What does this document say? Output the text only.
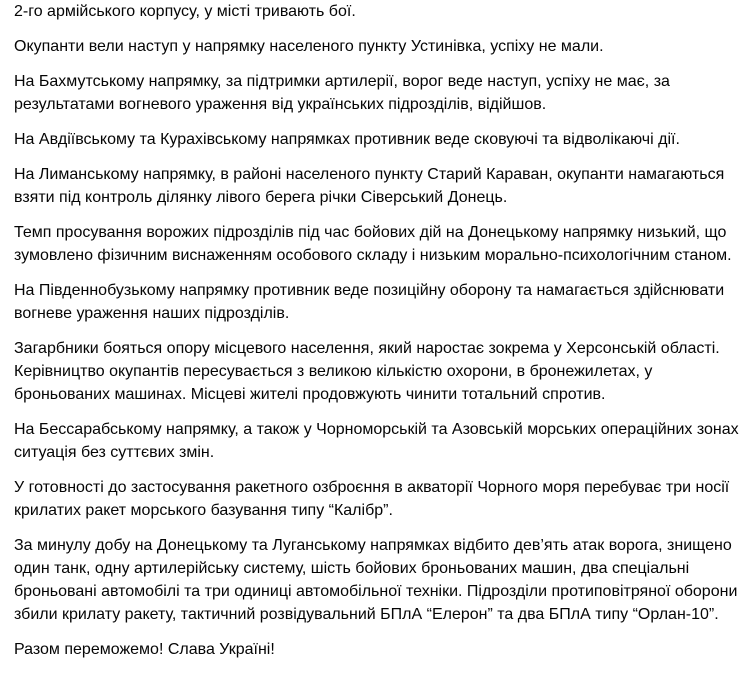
2-го армійського корпусу, у місті тривають бої.

Окупанти вели наступ у напрямку населеного пункту Устинівка, успіху не мали.

На Бахмутському напрямку, за підтримки артилерії, ворог веде наступ, успіху не має, за результатами вогневого ураження від українських підрозділів, відійшов.

На Авдіївському та Курахівському напрямках противник веде сковуючі та відволікаючі дії.

На Лиманському напрямку, в районі населеного пункту Старий Караван, окупанти намагаються взяти під контроль ділянку лівого берега річки Сіверський Донець.

Темп просування ворожих підрозділів під час бойових дій на Донецькому напрямку низький, що зумовлено фізичним виснаженням особового складу і низьким морально-психологічним станом.

На Південнобузькому напрямку противник веде позиційну оборону та намагається здійснювати вогневе ураження наших підрозділів.

Загарбники бояться опору місцевого населення, який наростає зокрема у Херсонській області. Керівництво окупантів пересувається з великою кількістю охорони, в бронежилетах, у броньованих машинах. Місцеві жителі продовжують чинити тотальний спротив.

На Бессарабському напрямку, а також у Чорноморській та Азовській морських операційних зонах ситуація без суттєвих змін.

У готовності до застосування ракетного озброєння в акваторії Чорного моря перебуває три носії крилатих ракет морського базування типу “Калібр”.

За минулу добу на Донецькому та Луганському напрямках відбито дев’ять атак ворога, знищено один танк, одну артилерійську систему, шість бойових броньованих машин, два спеціальні броньовані автомобілі та три одиниці автомобільної техніки. Підрозділи протиповітряної оборони збили крилату ракету, тактичний розвідувальний БПлА “Елерон” та два БПлА типу “Орлан-10”.

Разом переможемо! Слава Україні!
